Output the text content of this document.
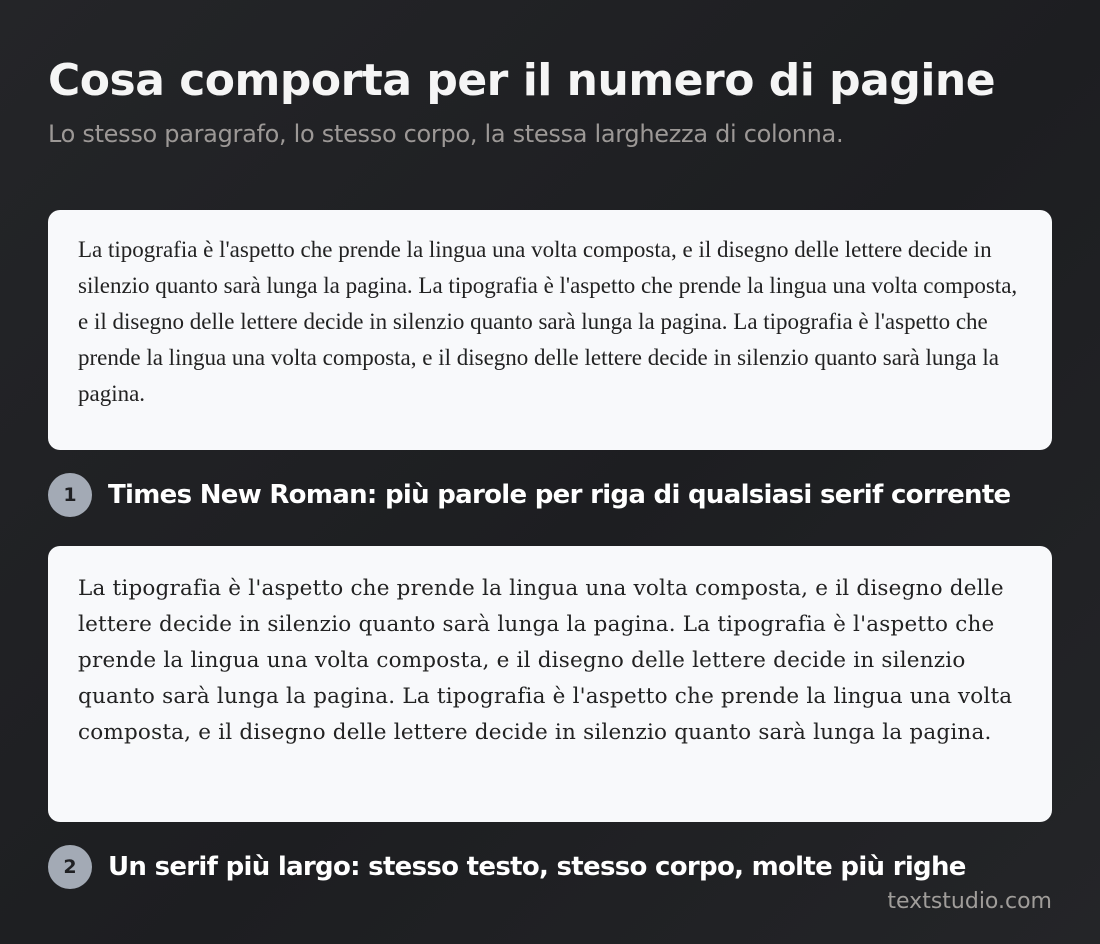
Cosa comporta per il numero di pagine

Lo stesso paragrafo, lo stesso corpo, la stessa larghezza di colonna.

La tipografia è l'aspetto che prende la lingua una volta composta, e il disegno delle lettere decide in silenzio quanto sarà lunga la pagina. La tipografia è l'aspetto che prende la lingua una volta composta, e il disegno delle lettere decide in silenzio quanto sarà lunga la pagina. La tipografia è l'aspetto che prende la lingua una volta composta, e il disegno delle lettere decide in silenzio quanto sarà lunga la pagina.

1	Times New Roman: più parole per riga di qualsiasi serif corrente

La tipografia è l'aspetto che prende la lingua una volta composta, e il disegno delle lettere decide in silenzio quanto sarà lunga la pagina. La tipografia è l'aspetto che prende la lingua una volta composta, e il disegno delle lettere decide in silenzio quanto sarà lunga la pagina. La tipografia è l'aspetto che prende la lingua una volta composta, e il disegno delle lettere decide in silenzio quanto sarà lunga la pagina.

2	Un serif più largo: stesso testo, stesso corpo, molte più righe
textstudio.com
